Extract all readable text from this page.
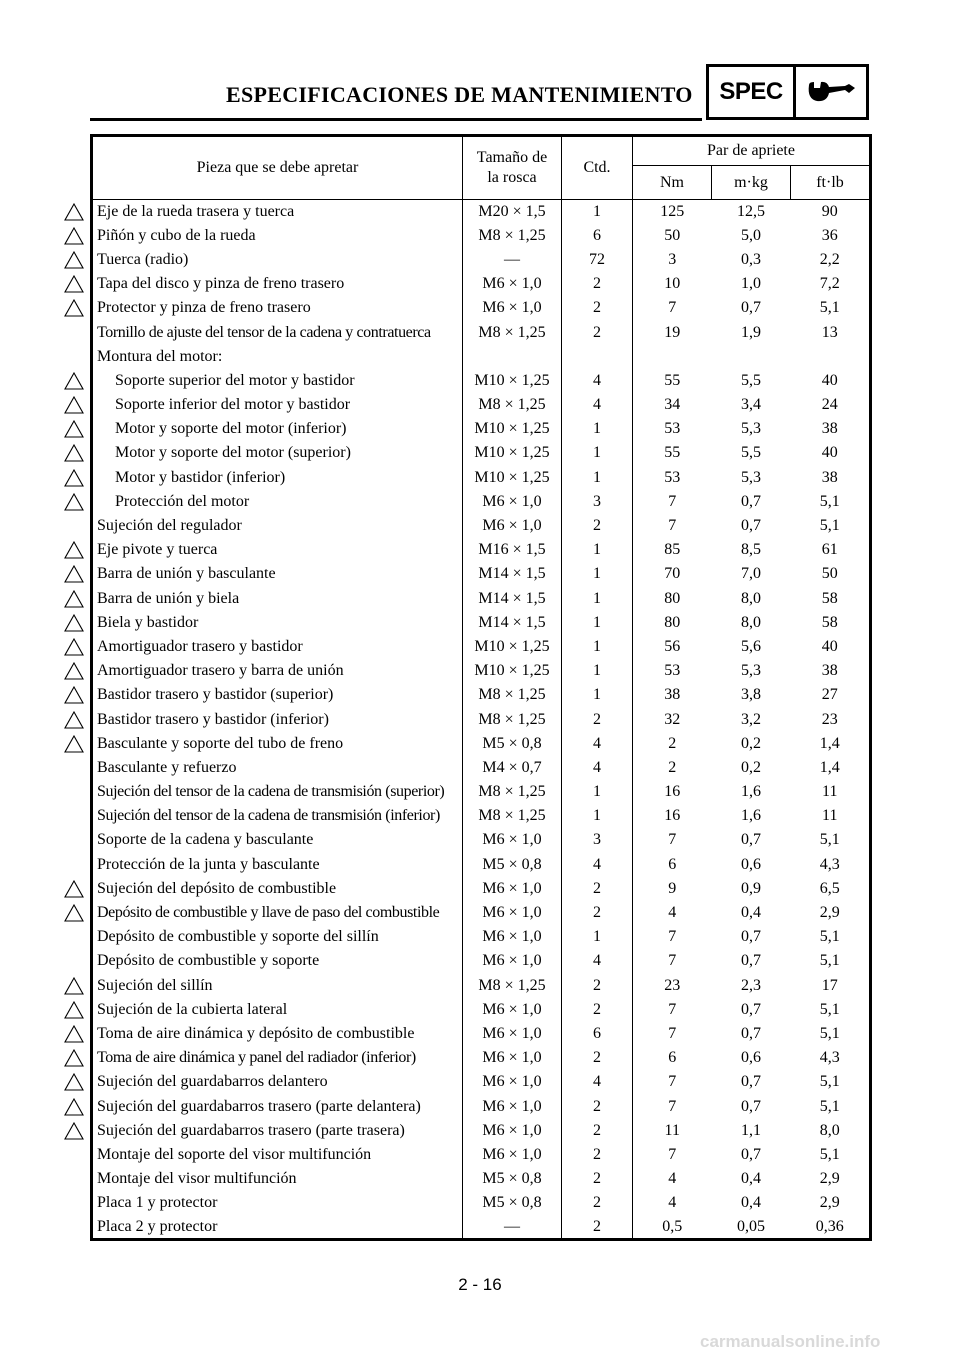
ESPECIFICACIONES DE MANTENIMIENTO	SPEC
Pieza que se debe apretar	Tamaño de la rosca	Ctd.	Par de apriete		
			Nm	m·kg	ft·lb
Eje de la rueda trasera y tuerca	M20 × 1,5	1	125	12,5	90
Piñón y cubo de la rueda	M8 × 1,25	6	50	5,0	36
Tuerca (radio)	—	72	3	0,3	2,2
Tapa del disco y pinza de freno trasero	M6 × 1,0	2	10	1,0	7,2
Protector y pinza de freno trasero	M6 × 1,0	2	7	0,7	5,1
Tornillo de ajuste del tensor de la cadena y contratuerca	M8 × 1,25	2	19	1,9	13
Montura del motor:					
Soporte superior del motor y bastidor	M10 × 1,25	4	55	5,5	40
Soporte inferior del motor y bastidor	M8 × 1,25	4	34	3,4	24
Motor y soporte del motor (inferior)	M10 × 1,25	1	53	5,3	38
Motor y soporte del motor (superior)	M10 × 1,25	1	55	5,5	40
Motor y bastidor (inferior)	M10 × 1,25	1	53	5,3	38
Protección del motor	M6 × 1,0	3	7	0,7	5,1
Sujeción del regulador	M6 × 1,0	2	7	0,7	5,1
Eje pivote y tuerca	M16 × 1,5	1	85	8,5	61
Barra de unión y basculante	M14 × 1,5	1	70	7,0	50
Barra de unión y biela	M14 × 1,5	1	80	8,0	58
Biela y bastidor	M14 × 1,5	1	80	8,0	58
Amortiguador trasero y bastidor	M10 × 1,25	1	56	5,6	40
Amortiguador trasero y barra de unión	M10 × 1,25	1	53	5,3	38
Bastidor trasero y bastidor (superior)	M8 × 1,25	1	38	3,8	27
Bastidor trasero y bastidor (inferior)	M8 × 1,25	2	32	3,2	23
Basculante y soporte del tubo de freno	M5 × 0,8	4	2	0,2	1,4
Basculante y refuerzo	M4 × 0,7	4	2	0,2	1,4
Sujeción del tensor de la cadena de transmisión (superior)	M8 × 1,25	1	16	1,6	11
Sujeción del tensor de la cadena de transmisión (inferior)	M8 × 1,25	1	16	1,6	11
Soporte de la cadena y basculante	M6 × 1,0	3	7	0,7	5,1
Protección de la junta y basculante	M5 × 0,8	4	6	0,6	4,3
Sujeción del depósito de combustible	M6 × 1,0	2	9	0,9	6,5
Depósito de combustible y llave de paso del combustible	M6 × 1,0	2	4	0,4	2,9
Depósito de combustible y soporte del sillín	M6 × 1,0	1	7	0,7	5,1
Depósito de combustible y soporte	M6 × 1,0	4	7	0,7	5,1
Sujeción del sillín	M8 × 1,25	2	23	2,3	17
Sujeción de la cubierta lateral	M6 × 1,0	2	7	0,7	5,1
Toma de aire dinámica y depósito de combustible	M6 × 1,0	6	7	0,7	5,1
Toma de aire dinámica y panel del radiador (inferior)	M6 × 1,0	2	6	0,6	4,3
Sujeción del guardabarros delantero	M6 × 1,0	4	7	0,7	5,1
Sujeción del guardabarros trasero (parte delantera)	M6 × 1,0	2	7	0,7	5,1
Sujeción del guardabarros trasero (parte trasera)	M6 × 1,0	2	11	1,1	8,0
Montaje del soporte del visor multifunción	M6 × 1,0	2	7	0,7	5,1
Montaje del visor multifunción	M5 × 0,8	2	4	0,4	2,9
Placa 1 y protector	M5 × 0,8	2	4	0,4	2,9
Placa 2 y protector	—	2	0,5	0,05	0,36
2 - 16
carmanualsonline.info
